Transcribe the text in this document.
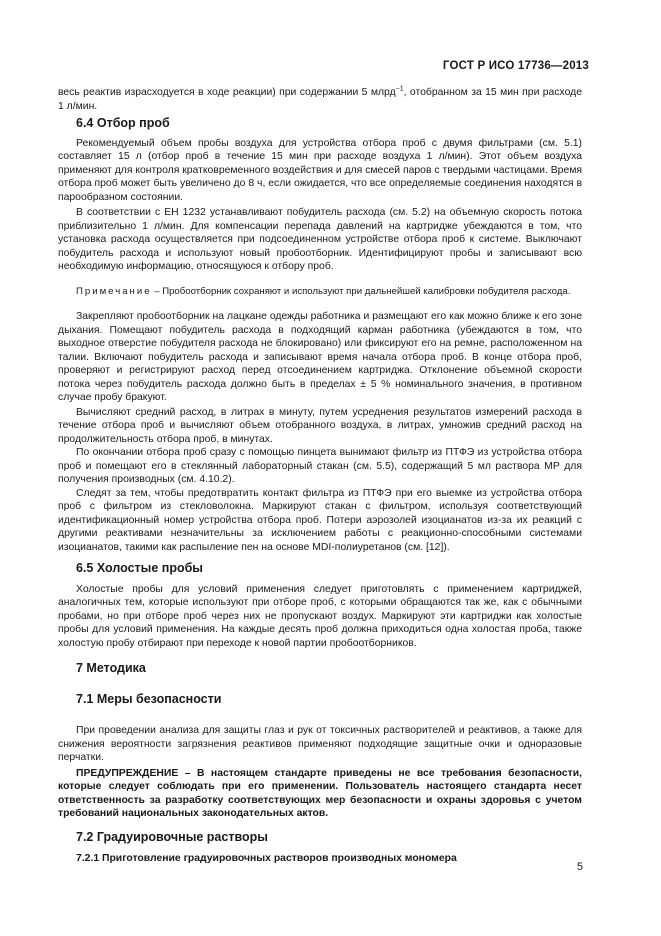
ГОСТ Р ИСО 17736—2013

весь реактив израсходуется в ходе реакции) при содержании 5 млрд$^{-1}$, отобранном за 15 мин при расходе 1 л/мин.

6.4 Отбор проб

Рекомендуемый объем пробы воздуха для устройства отбора проб с двумя фильтрами (см. 5.1) составляет 15 л (отбор проб в течение 15 мин при расходе воздуха 1 л/мин). Этот объем воздуха применяют для контроля кратковременного воздействия и для смесей паров с твердыми частицами. Время отбора проб может быть увеличено до 8 ч, если ожидается, что все определяемые соединения находятся в парообразном состоянии.

В соответствии с ЕН 1232 устанавливают побудитель расхода (см. 5.2) на объемную скорость потока приблизительно 1 л/мин. Для компенсации перепада давлений на картридже убеждаются в том, что установка расхода осуществляется при подсоединенном устройстве отбора проб к системе. Выключают побудитель расхода и используют новый пробоотборник. Идентифицируют пробы и записывают всю необходимую информацию, относящуюся к отбору проб.

Примечание – Пробоотборник сохраняют и используют при дальнейшей калибровки побудителя расхода.

Закрепляют пробоотборник на лацкане одежды работника и размещают его как можно ближе к его зоне дыхания. Помещают побудитель расхода в подходящий карман работника (убеждаются в том, что выходное отверстие побудителя расхода не блокировано) или фиксируют его на ремне, расположенном на талии. Включают побудитель расхода и записывают время начала отбора проб. В конце отбора проб, проверяют и регистрируют расход перед отсоединением картриджа. Отклонение объемной скорости потока через побудитель расхода должно быть в пределах ± 5 % номинального значения, в противном случае пробу бракуют.

Вычисляют средний расход, в литрах в минуту, путем усреднения результатов измерений расхода в течение отбора проб и вычисляют объем отобранного воздуха, в литрах, умножив средний расход на продолжительность отбора проб, в минутах.

По окончании отбора проб сразу с помощью пинцета вынимают фильтр из ПТФЭ из устройства отбора проб и помещают его в стеклянный лабораторный стакан (см. 5.5), содержащий 5 мл раствора МР для получения производных (см. 4.10.2).

Следят за тем, чтобы предотвратить контакт фильтра из ПТФЭ при его выемке из устройства отбора проб с фильтром из стекловолокна. Маркируют стакан с фильтром, используя соответствующий идентификационный номер устройства отбора проб. Потери аэрозолей изоцианатов из-за их реакций с другими реактивами незначительны за исключением работы с реакционно-способными системами изоцианатов, такими как распыление пен на основе MDI-полиуретанов (см. [12]).

6.5 Холостые пробы

Холостые пробы для условий применения следует приготовлять с применением картриджей, аналогичных тем, которые используют при отборе проб, с которыми обращаются так же, как с обычными пробами, но при отборе проб через них не пропускают воздух. Маркируют эти картриджи как холостые пробы для условий применения. На каждые десять проб должна приходиться одна холостая проба, также холостую пробу отбирают при переходе к новой партии пробоотборников.

7 Методика

7.1 Меры безопасности

При проведении анализа для защиты глаз и рук от токсичных растворителей и реактивов, а также для снижения вероятности загрязнения реактивов применяют подходящие защитные очки и одноразовые перчатки.

ПРЕДУПРЕЖДЕНИЕ – В настоящем стандарте приведены не все требования безопасности, которые следует соблюдать при его применении. Пользователь настоящего стандарта несет ответственность за разработку соответствующих мер безопасности и охраны здоровья с учетом требований национальных законодательных актов.

7.2 Градуировочные растворы

7.2.1 Приготовление градуировочных растворов производных мономера

5
